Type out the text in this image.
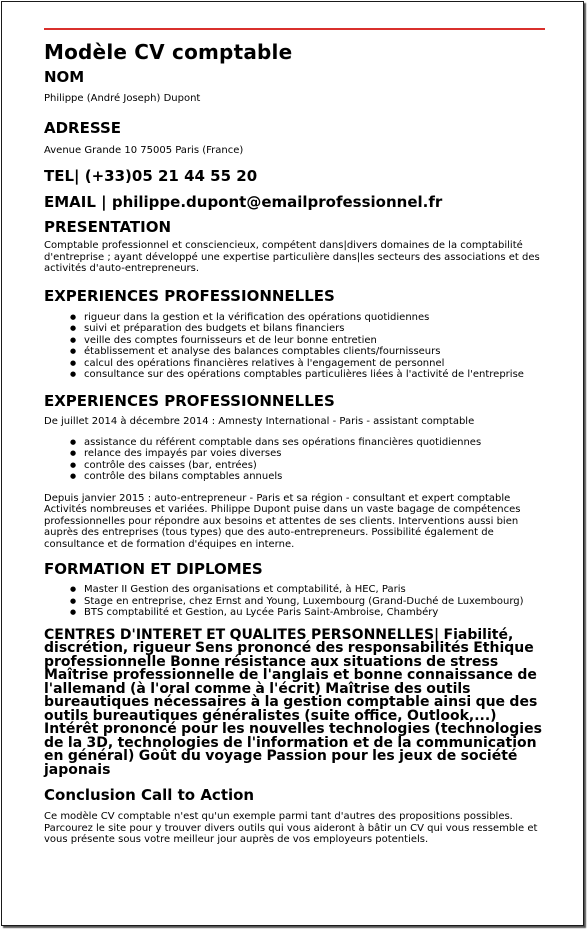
Modèle CV comptable
NOM

Philippe (André Joseph) Dupont

ADRESSE

Avenue Grande 10 75005 Paris (France)

TEL| (+33)05 21 44 55 20

EMAIL | philippe.dupont@emailprofessionnel.fr

PRESENTATION

Comptable professionnel et consciencieux, compétent dans|divers domaines de la comptabilité d'entreprise ; ayant développé une expertise particulière dans|les secteurs des associations et des activités d'auto-entrepreneurs.

EXPERIENCES PROFESSIONNELLES
● rigueur dans la gestion et la vérification des opérations quotidiennes
● suivi et préparation des budgets et bilans financiers
● veille des comptes fournisseurs et de leur bonne entretien
● établissement et analyse des balances comptables clients/fournisseurs
● calcul des opérations financières relatives à l'engagement de personnel
● consultance sur des opérations comptables particulières liées à l'activité de l'entreprise
EXPERIENCES PROFESSIONNELLES

De juillet 2014 à décembre 2014 : Amnesty International - Paris - assistant comptable

● assistance du référent comptable dans ses opérations financières quotidiennes
● relance des impayés par voies diverses
● contrôle des caisses (bar, entrées)
● contrôle des bilans comptables annuels

Depuis janvier 2015 : auto-entrepreneur - Paris et sa région - consultant et expert comptable Activités nombreuses et variées. Philippe Dupont puise dans un vaste bagage de compétences professionnelles pour répondre aux besoins et attentes de ses clients. Interventions aussi bien auprès des entreprises (tous types) que des auto-entrepreneurs. Possibilité également de consultance et de formation d'équipes en interne.

FORMATION ET DIPLOMES
● Master II Gestion des organisations et comptabilité, à HEC, Paris
● Stage en entreprise, chez Ernst and Young, Luxembourg (Grand-Duché de Luxembourg)
● BTS comptabilité et Gestion, au Lycée Paris Saint-Ambroise, Chambéry

CENTRES D'INTERET ET QUALITES PERSONNELLES| Fiabilité, discrétion, rigueur Sens prononcé des responsabilités Ethique professionnelle Bonne résistance aux situations de stress Maîtrise professionnelle de l'anglais et bonne connaissance de l'allemand (à l'oral comme à l'écrit) Maîtrise des outils bureautiques nécessaires à la gestion comptable ainsi que des outils bureautiques généralistes (suite office, Outlook,...) Intérêt prononcé pour les nouvelles technologies (technologies de la 3D, technologies de l'information et de la communication en général) Goût du voyage Passion pour les jeux de société japonais

Conclusion Call to Action

Ce modèle CV comptable n'est qu'un exemple parmi tant d'autres des propositions possibles. Parcourez le site pour y trouver divers outils qui vous aideront à bâtir un CV qui vous ressemble et vous présente sous votre meilleur jour auprès de vos employeurs potentiels.
